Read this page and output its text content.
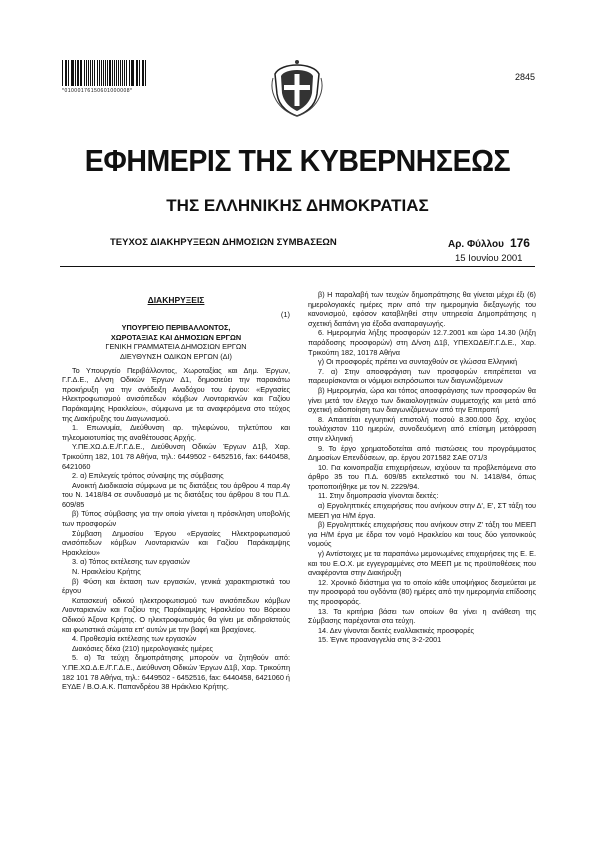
*01000176150601000008*
2845
ΕΦΗΜΕΡΙΣ ΤΗΣ ΚΥΒΕΡΝΗΣΕΩΣ
ΤΗΣ ΕΛΛΗΝΙΚΗΣ ΔΗΜΟΚΡΑΤΙΑΣ
ΤΕΥΧΟΣ ΔΙΑΚΗΡΥΞΕΩΝ ΔΗΜΟΣΙΩΝ ΣΥΜΒΑΣΕΩΝ	Αρ. Φύλλου 176
15 Ιουνίου 2001

ΔΙΑΚΗΡΥΞΕΙΣ

(1)

ΥΠΟΥΡΓΕΙΟ ΠΕΡΙΒΑΛΛΟΝΤΟΣ,

ΧΩΡΟΤΑΞΙΑΣ ΚΑΙ ΔΗΜΟΣΙΩΝ ΕΡΓΩΝ

ΓΕΝΙΚΗ ΓΡΑΜΜΑΤΕΙΑ ΔΗΜΟΣΙΩΝ ΕΡΓΩΝ

ΔΙΕΥΘΥΝΣΗ ΟΔΙΚΩΝ ΕΡΓΩΝ (ΔΙ)

Το Υπουργείο Περιβάλλοντος, Χωροταξίας και Δημ. Έργων, Γ.Γ.Δ.Ε., Δ/νση Οδικών Έργων Δ1, δημοσιεύει την παρακάτω προκήρυξη για την ανάδειξη Αναδόχου του έργου: «Εργασίες Ηλεκτροφωτισμού ανισόπεδων κόμβων Λιονταριανών και Γαζίου Παράκαμψης Ηρακλείου», σύμφωνα με τα αναφερόμενα στο τεύχος της Διακήρυξης του Διαγωνισμού.

1. Επωνυμία, Διεύθυνση αρ. τηλεφώνου, τηλετύπου και τηλεομοιοτυπίας της αναθέτουσας Αρχής.

Υ.ΠΕ.ΧΩ.Δ.Ε./Γ.Γ.Δ.Ε., Διεύθυνση Οδικών Έργων Δ1β, Χαρ. Τρικούπη 182, 101 78 Αθήνα, τηλ.: 6449502 - 6452516, fax: 6440458, 6421060

2. α) Επιλεγείς τρόπος σύναψης της σύμβασης

Ανοικτή Διαδικασία σύμφωνα με τις διατάξεις του άρθρου 4 παρ.4γ του Ν. 1418/84 σε συνδυασμό με τις διατάξεις του άρθρου 8 του Π.Δ. 609/85

β) Τύπος σύμβασης για την οποία γίνεται η πρόσκληση υποβολής των προσφορών

Σύμβαση Δημοσίου Έργου «Εργασίες Ηλεκτροφωτισμού ανισόπεδων κόμβων Λιονταριανών και Γαζίου Παράκαμψης Ηρακλείου»

3. α) Τόπος εκτέλεσης των εργασιών

Ν. Ηρακλείου Κρήτης

β) Φύση και έκταση των εργασιών, γενικά χαρακτηριστικά του έργου

Κατασκευή οδικού ηλεκτροφωτισμού των ανισόπεδων κόμβων Λιονταριανών και Γαζίου της Παράκαμψης Ηρακλείου του Βόρειου Οδικού Άξονα Κρήτης. Ο ηλεκτροφωτισμός θα γίνει με σιδηροϊστούς και φωτιστικά σώματα επ' αυτών με την βαφή και βραχίονες.

4. Προθεσμία εκτέλεσης των εργασιών

Διακόσιες δέκα (210) ημερολογιακές ημέρες

5. α) Τα τεύχη δημοπράτησης μπορούν να ζητηθούν από: Υ.ΠΕ.ΧΩ.Δ.Ε./Γ.Γ.Δ.Ε., Διεύθυνση Οδικών Έργων Δ1β, Χαρ. Τρικούπη 182 101 78 Αθήνα, τηλ.: 6449502 - 6452516, fax: 6440458, 6421060 ή ΕΥΔΕ / Β.Ο.Α.Κ. Παπανδρέου 38 Ηράκλειο Κρήτης.

β) Η παραλαβή των τευχών δημοπράτησης θα γίνεται μέχρι έξι (6) ημερολογιακές ημέρες πριν από την ημερομηνία διεξαγωγής του κανονισμού, εφόσον καταβληθεί στην υπηρεσία Δημοπράτησης η σχετική δαπάνη για έξοδα αναπαραγωγής.

6. Ημερομηνία λήξης προσφορών 12.7.2001 και ώρα 14.30 (λήξη παράδοσης προσφορών) στη Δ/νση Δ1β, ΥΠΕΧΩΔΕ/Γ.Γ.Δ.Ε., Χαρ. Τρικούπη 182, 10178 Αθήνα

γ) Οι προσφορές πρέπει να συνταχθούν σε γλώσσα Ελληνική

7. α) Στην αποσφράγιση των προσφορών επιτρέπεται να παρευρίσκονται οι νόμιμοι εκπρόσωποι των διαγωνιζόμενων

β) Ημερομηνία, ώρα και τόπος αποσφράγισης των προσφορών θα γίνει μετά τον έλεγχο των δικαιολογητικών συμμετοχής και μετά από σχετική ειδοποίηση των διαγωνιζόμενων από την Επιτροπή

8. Απαιτείται εγγυητική επιστολή ποσού 8.300.000 δρχ. ισχύος τουλάχιστον 110 ημερών, συνοδευόμενη από επίσημη μετάφραση στην ελληνική

9. Το έργο χρηματοδοτείται από πιστώσεις του προγράμματος Δημοσίων Επενδύσεων, αρ. έργου 2071582 ΣΑΕ 071/3

10. Για κοινοπραξία επιχειρήσεων, ισχύουν τα προβλεπόμενα στο άρθρο 35 του Π.Δ. 609/85 εκτελεστικό του Ν. 1418/84, όπως τροποποιήθηκε με τον Ν. 2229/94.

11. Στην δημοπρασία γίνονται δεκτές:

α) Εργοληπτικές επιχειρήσεις που ανήκουν στην Δ', Ε', ΣΤ τάξη του ΜΕΕΠ για Η/Μ έργα.

β) Εργοληπτικές επιχειρήσεις που ανήκουν στην Ζ' τάξη του ΜΕΕΠ για Η/Μ έργα με έδρα τον νομό Ηρακλείου και τους δύο γειτονικούς νομούς

γ) Αντίστοιχες με τα παραπάνω μεμονωμένες επιχειρήσεις της Ε. Ε. και του Ε.Ο.Χ. με εγγεγραμμένες στο ΜΕΕΠ με τις προϋποθέσεις που αναφέρονται στην Διακήρυξη

12. Χρονικό διάστημα για το οποίο κάθε υποψήφιος δεσμεύεται με την προσφορά του ογδόντα (80) ημέρες από την ημερομηνία επίδοσης της προσφοράς.

13. Τα κριτήρια βάσει των οποίων θα γίνει η ανάθεση της Σύμβασης παρέχονται στα τεύχη.

14. Δεν γίνονται δεκτές εναλλακτικές προσφορές

15. Έγινε προαναγγελία στις 3-2-2001
